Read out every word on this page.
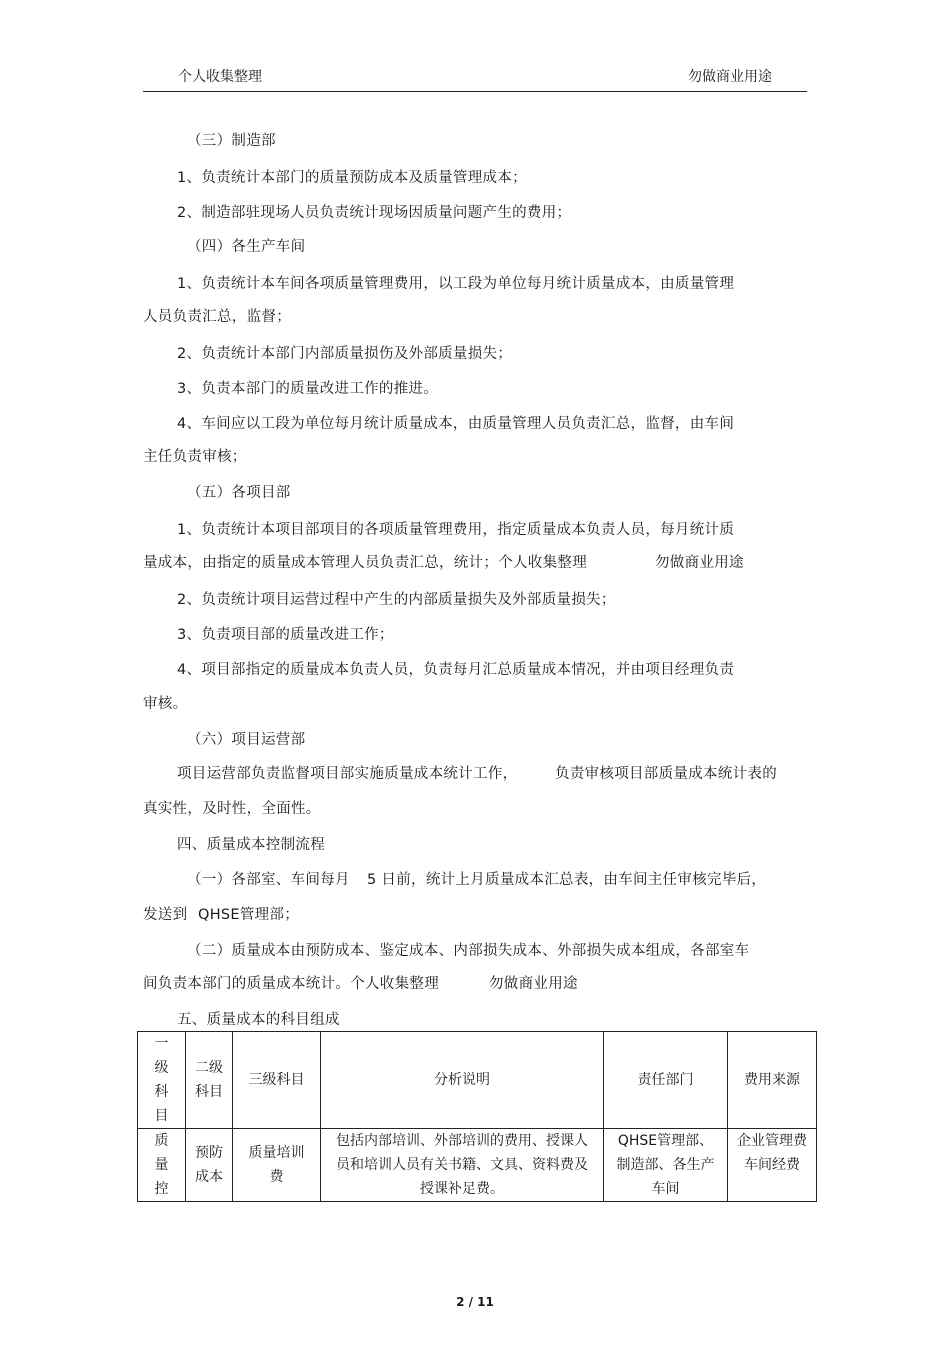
个人收集整理	勿做商业用途
（三）制造部
1、负责统计本部门的质量预防成本及质量管理成本；
2、制造部驻现场人员负责统计现场因质量问题产生的费用；
（四）各生产车间
1、负责统计本车间各项质量管理费用，以工段为单位每月统计质量成本，由质量管理
人员负责汇总，监督；
2、负责统计本部门内部质量损伤及外部质量损失；
3、负责本部门的质量改进工作的推进。
4、车间应以工段为单位每月统计质量成本，由质量管理人员负责汇总，监督，由车间
主任负责审核；
（五）各项目部
1、负责统计本项目部项目的各项质量管理费用，指定质量成本负责人员，每月统计质
量成本，由指定的质量成本管理人员负责汇总，统计；个人收集整理	勿做商业用途
2、负责统计项目运营过程中产生的内部质量损失及外部质量损失；
3、负责项目部的质量改进工作；
4、项目部指定的质量成本负责人员，负责每月汇总质量成本情况，并由项目经理负责
审核。
（六）项目运营部
项目运营部负责监督项目部实施质量成本统计工作，	负责审核项目部质量成本统计表的
真实性，及时性，全面性。
四、质量成本控制流程
（一）各部室、车间每月 5 日前，统计上月质量成本汇总表，由车间主任审核完毕后，
发送到 QHSE管理部；
（二）质量成本由预防成本、鉴定成本、内部损失成本、外部损失成本组成，各部室车
间负责本部门的质量成本统计。个人收集整理	勿做商业用途
五、质量成本的科目组成
一级科目	二级科目	三级科目	分析说明	责任部门	费用来源
质量控	预防成本	质量培训费	包括内部培训、外部培训的费用、授课人员和培训人员有关书籍、文具、资料费及授课补足费。	QHSE管理部、制造部、各生产车间	企业管理费车间经费
2 / 11
